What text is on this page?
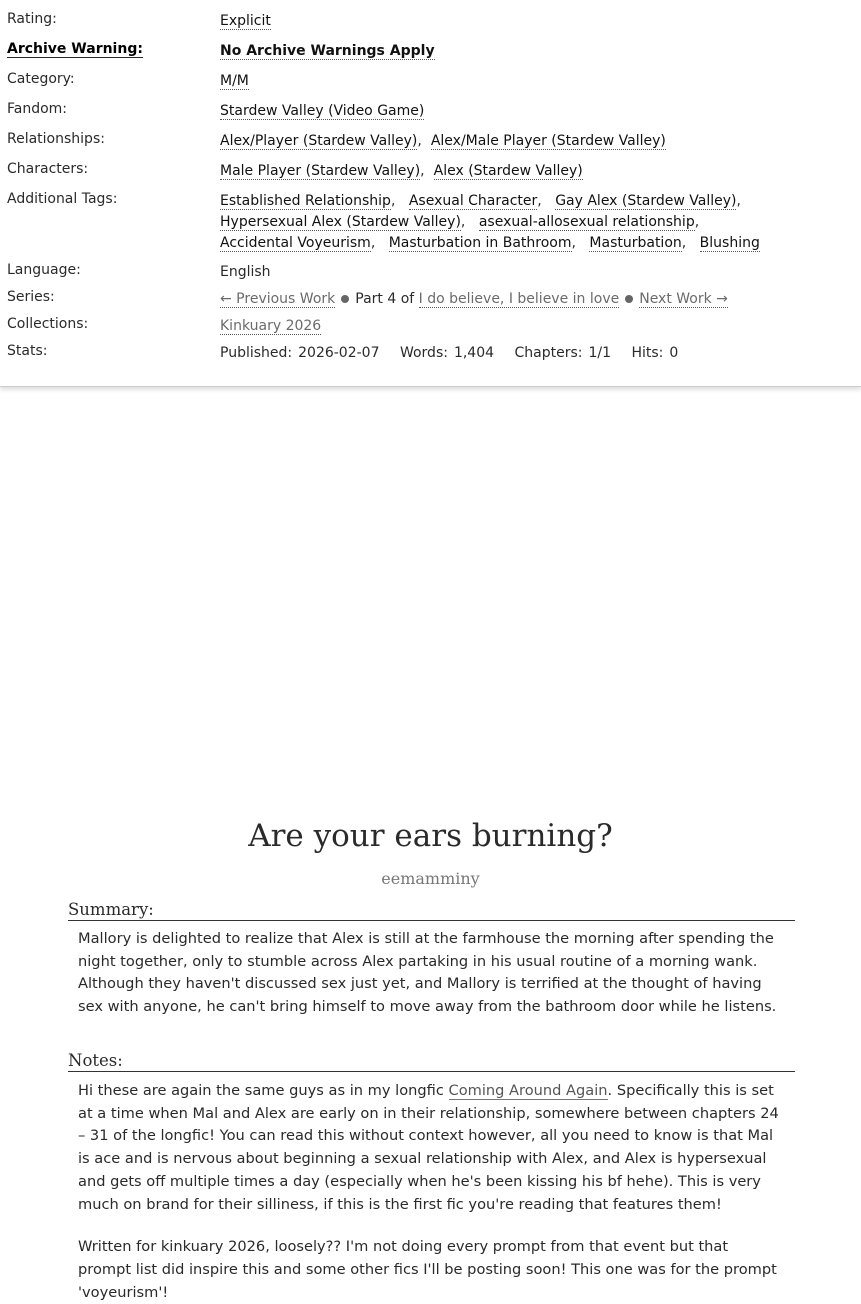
Rating:	Explicit
Archive Warning:	No Archive Warnings Apply
Category:	M/M
Fandom:	Stardew Valley (Video Game)
Relationships:	Alex/Player (Stardew Valley), Alex/Male Player (Stardew Valley)
Characters:	Male Player (Stardew Valley), Alex (Stardew Valley)
Additional Tags:	Established Relationship, Asexual Character, Gay Alex (Stardew Valley), Hypersexual Alex (Stardew Valley), asexual-allosexual relationship, Accidental Voyeurism, Masturbation in Bathroom, Masturbation, Blushing
Language:	English
Series:	← Previous Work Part 4 of I do believe, I believe in love Next Work →
Collections:	Kinkuary 2026
Stats:	Published: 2026-02-07 Words: 1,404 Chapters: 1/1 Hits: 0
Are your ears burning?
eemamminy
Summary:

Mallory is delighted to realize that Alex is still at the farmhouse the morning after spending the night together, only to stumble across Alex partaking in his usual routine of a morning wank. Although they haven't discussed sex just yet, and Mallory is terrified at the thought of having sex with anyone, he can't bring himself to move away from the bathroom door while he listens.

Notes:

Hi these are again the same guys as in my longfic Coming Around Again. Specifically this is set at a time when Mal and Alex are early on in their relationship, somewhere between chapters 24 – 31 of the longfic! You can read this without context however, all you need to know is that Mal is ace and is nervous about beginning a sexual relationship with Alex, and Alex is hypersexual and gets off multiple times a day (especially when he's been kissing his bf hehe). This is very much on brand for their silliness, if this is the first fic you're reading that features them!

Written for kinkuary 2026, loosely?? I'm not doing every prompt from that event but that prompt list did inspire this and some other fics I'll be posting soon! This one was for the prompt 'voyeurism'!
